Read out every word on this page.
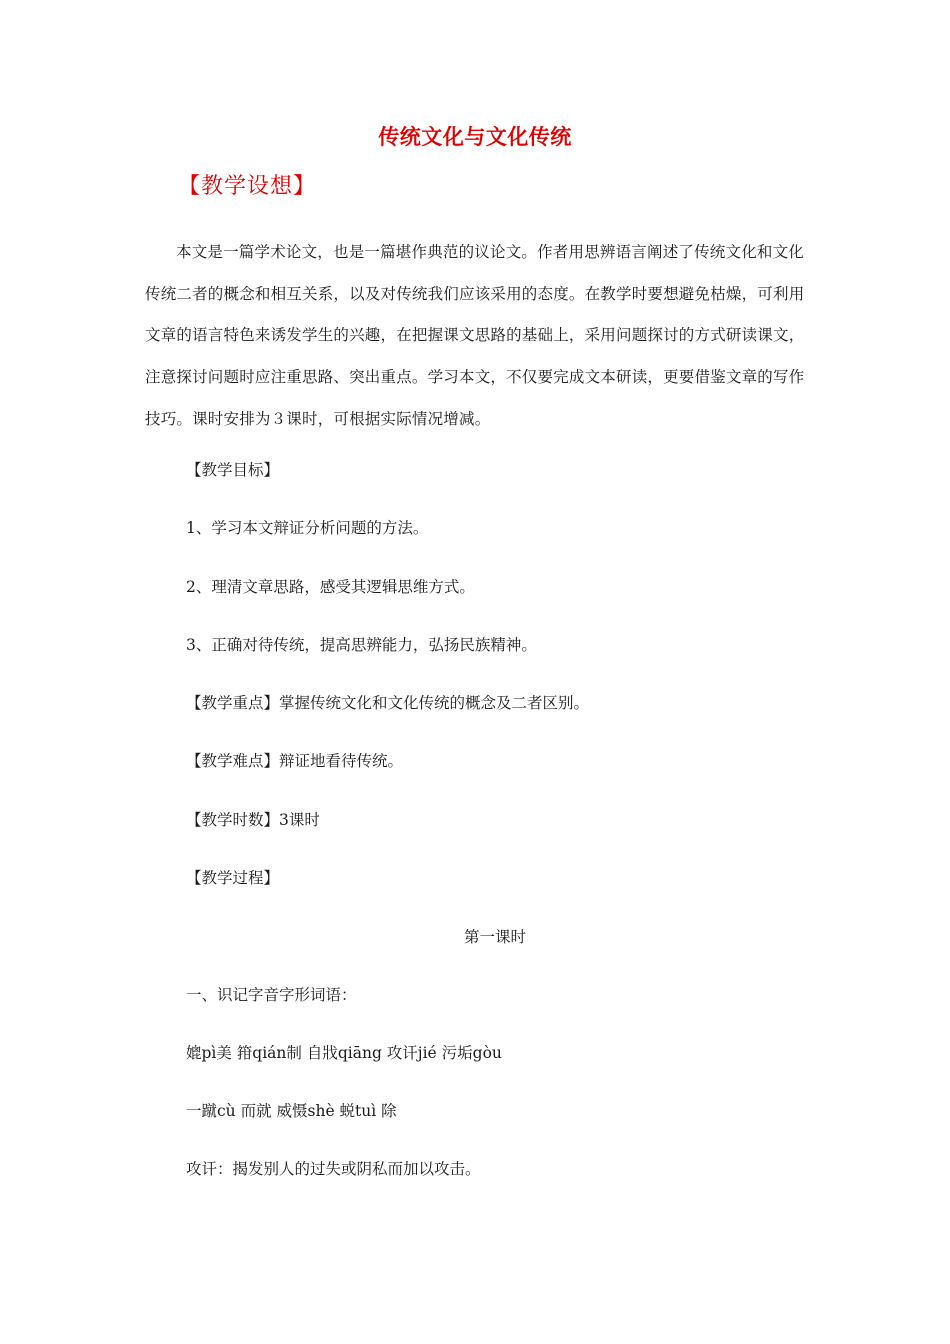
传统文化与文化传统
【教学设想】
本文是一篇学术论文，也是一篇堪作典范的议论文。作者用思辨语言阐述了传统文化和文化传统二者的概念和相互关系，以及对传统我们应该采用的态度。在教学时要想避免枯燥，可利用文章的语言特色来诱发学生的兴趣，在把握课文思路的基础上，采用问题探讨的方式研读课文，注意探讨问题时应注重思路、突出重点。学习本文，不仅要完成文本研读，更要借鉴文章的写作技巧。课时安排为３课时，可根据实际情况增减。
【教学目标】
1、学习本文辩证分析问题的方法。
2、理清文章思路，感受其逻辑思维方式。
3、正确对待传统，提高思辨能力，弘扬民族精神。
【教学重点】掌握传统文化和文化传统的概念及二者区别。
【教学难点】辩证地看待传统。
【教学时数】3课时
【教学过程】
第一课时
一、识记字音字形词语：
媲pì美 箝qián制 自戕qiāng 攻讦jié 污垢gòu
一蹴cù 而就 威慑shè 蜕tuì 除
攻讦：揭发别人的过失或阴私而加以攻击。
